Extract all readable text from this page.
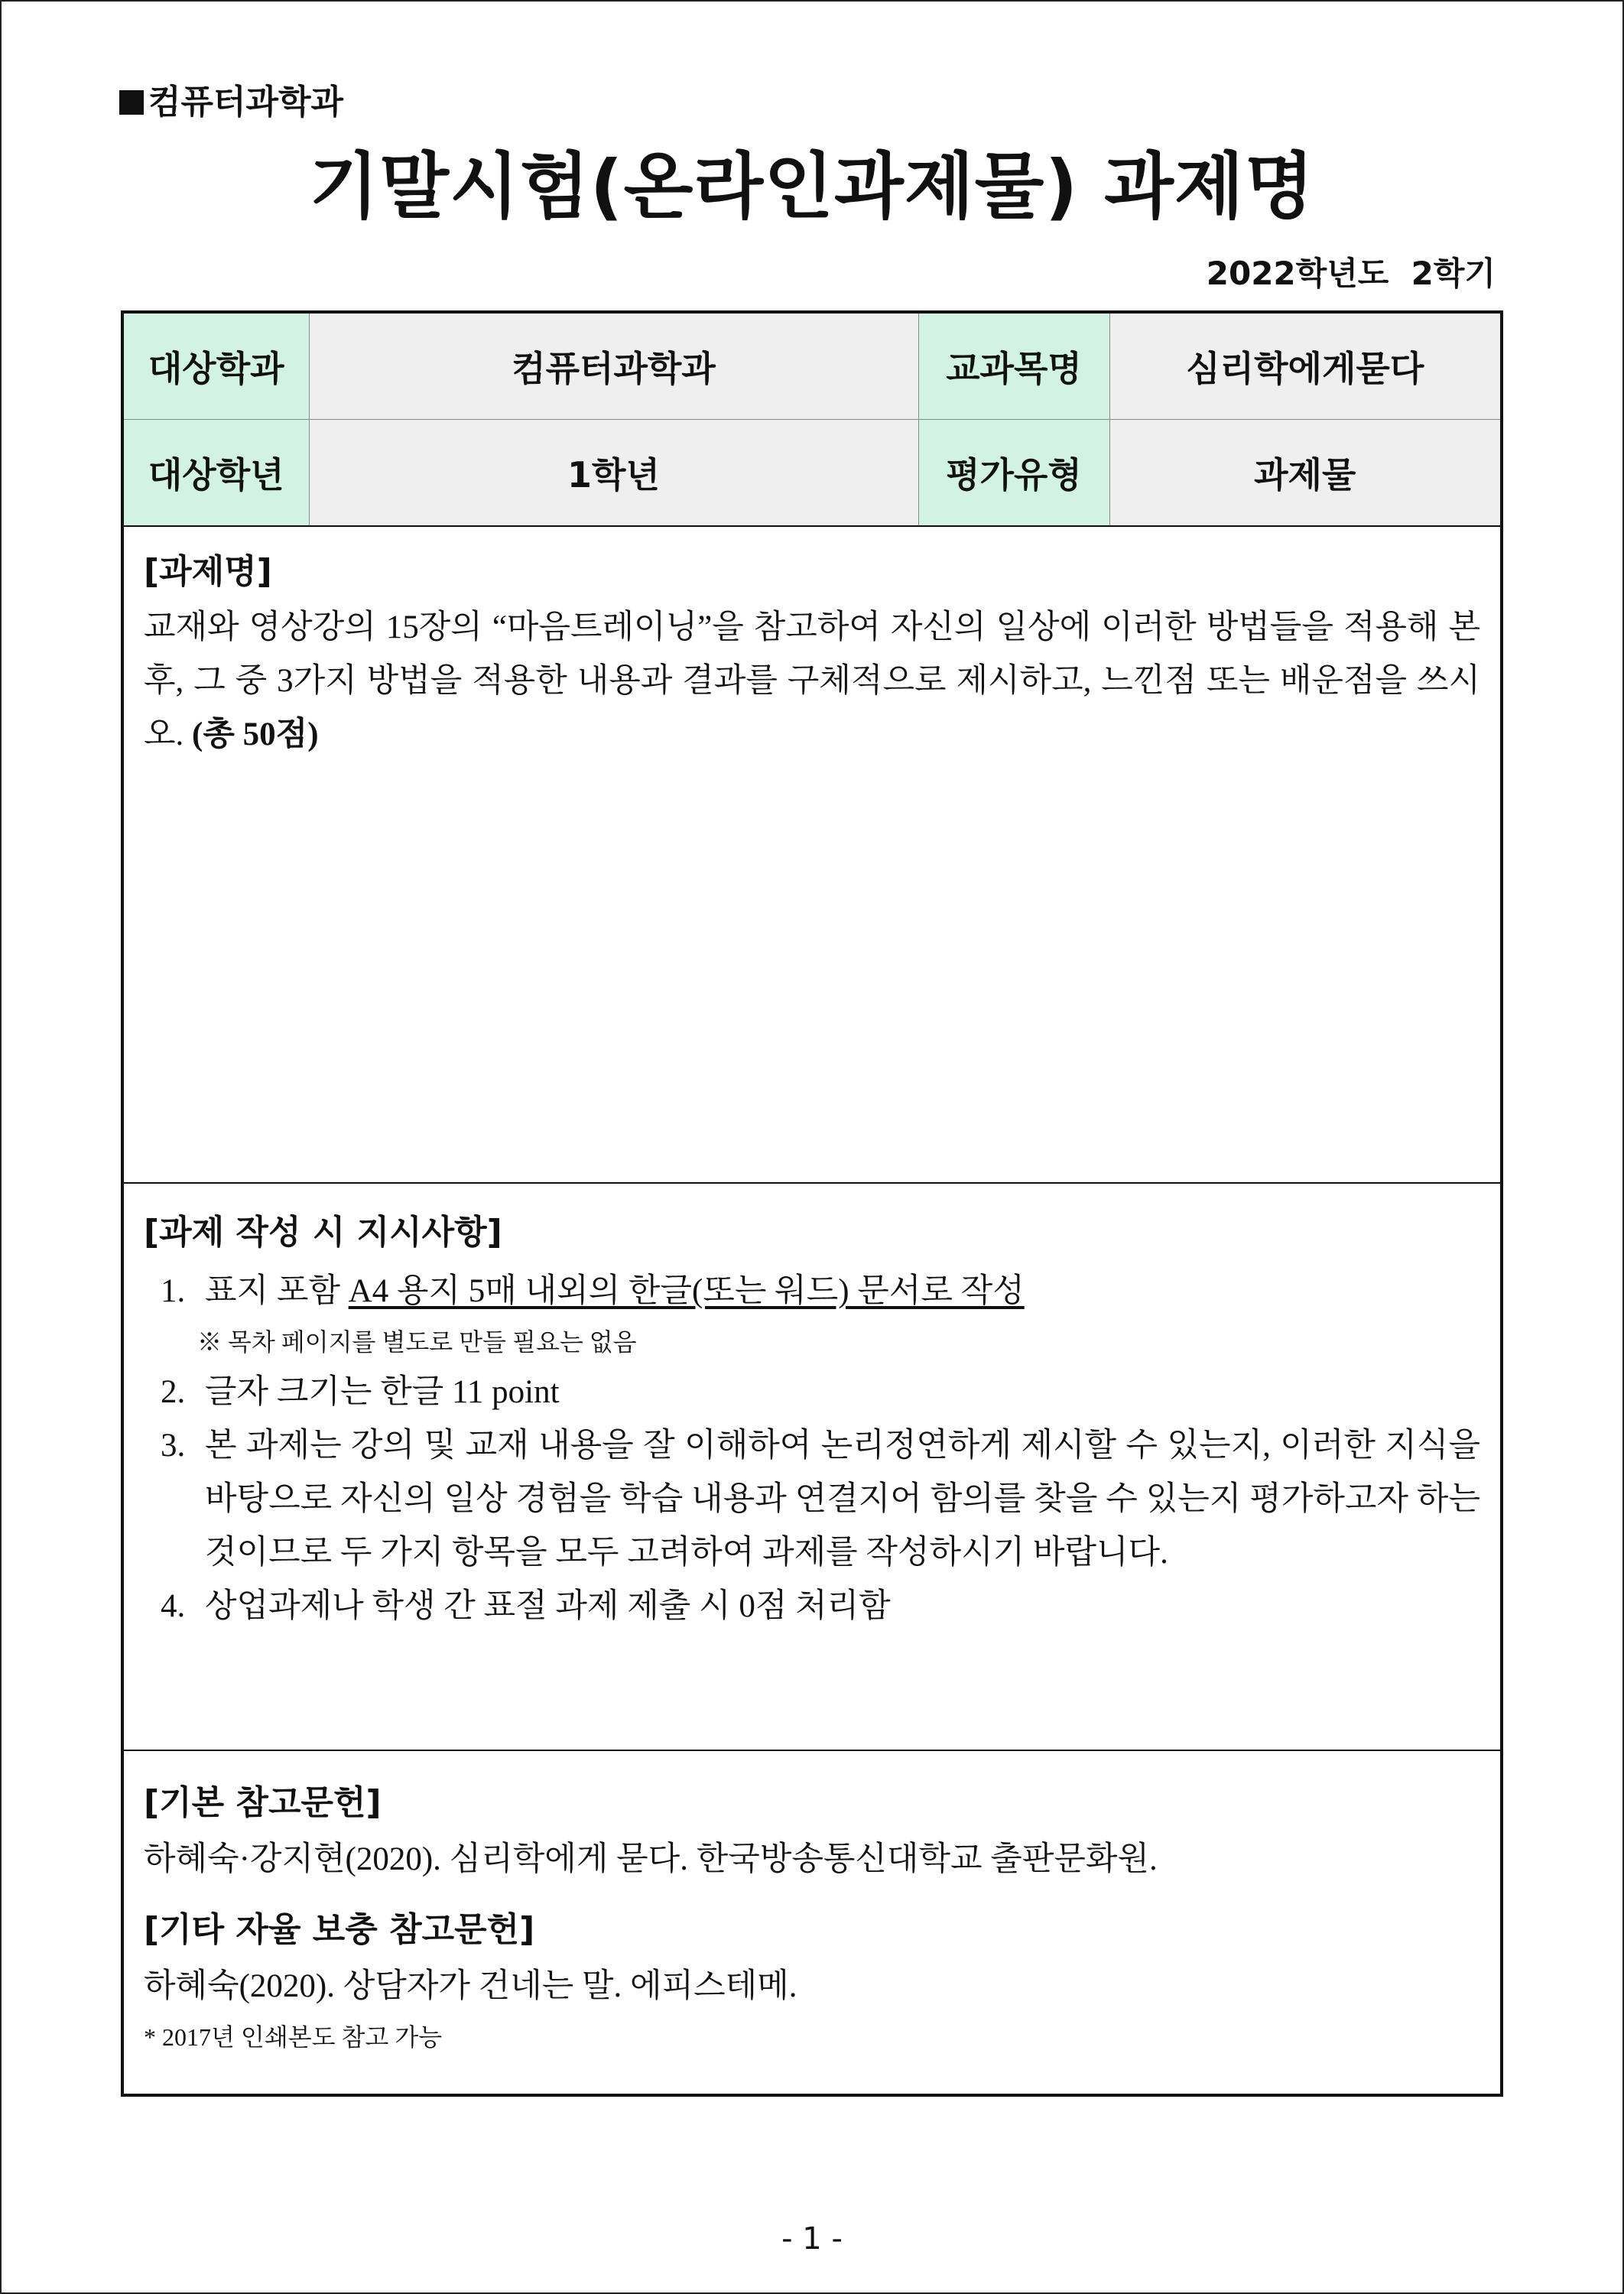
컴퓨터과학과
기말시험(온라인과제물) 과제명
2022학년도  2학기
대상학과	컴퓨터과학과	교과목명	심리학에게묻다
대상학년	1학년	평가유형	과제물
[과제명]
교재와 영상강의 15장의 “마음트레이닝”을 참고하여 자신의 일상에 이러한 방법들을 적용해 본 후, 그 중 3가지 방법을 적용한 내용과 결과를 구체적으로 제시하고, 느낀점 또는 배운점을 쓰시오. (총 50점)
[과제 작성 시 지시사항]
1. 표지 포함 A4 용지 5매 내외의 한글(또는 워드) 문서로 작성
※ 목차 페이지를 별도로 만들 필요는 없음
2. 글자 크기는 한글 11 point
3. 본 과제는 강의 및 교재 내용을 잘 이해하여 논리정연하게 제시할 수 있는지, 이러한 지식을 바탕으로 자신의 일상 경험을 학습 내용과 연결지어 함의를 찾을 수 있는지 평가하고자 하는 것이므로 두 가지 항목을 모두 고려하여 과제를 작성하시기 바랍니다.
4. 상업과제나 학생 간 표절 과제 제출 시 0점 처리함
[기본 참고문헌]
하혜숙·강지현(2020). 심리학에게 묻다. 한국방송통신대학교 출판문화원.
[기타 자율 보충 참고문헌]
하혜숙(2020). 상담자가 건네는 말. 에피스테메.
* 2017년 인쇄본도 참고 가능
- 1 -
